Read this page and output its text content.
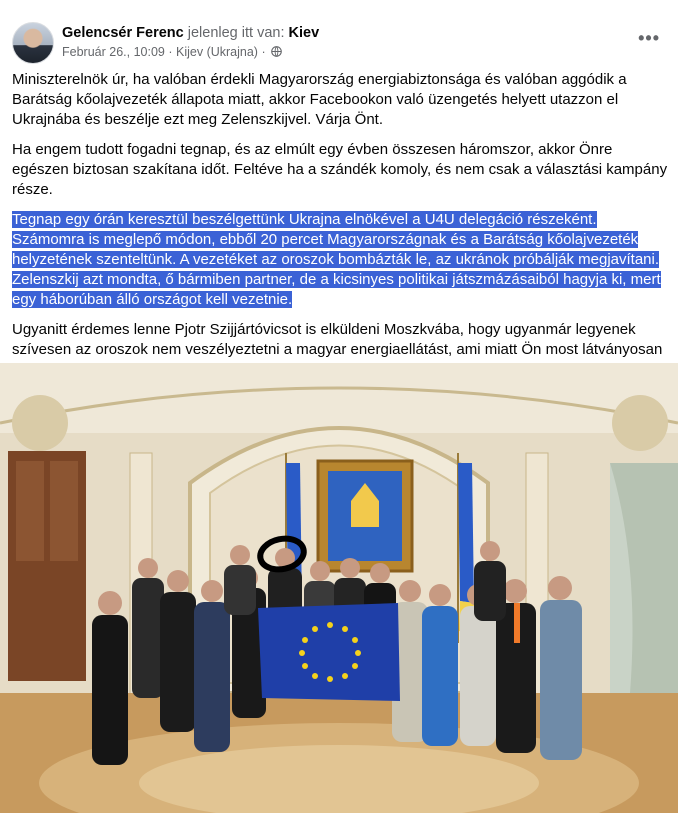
Gelencsér Ferenc jelenleg itt van: Kiev
Február 26., 10:09 · Kijev (Ukrajna) ·
•••

Miniszterelnök úr, ha valóban érdekli Magyarország energiabiztonsága és valóban aggódik a Barátság kőolajvezeték állapota miatt, akkor Facebookon való üzengetés helyett utazzon el Ukrajnába és beszélje ezt meg Zelenszkijvel. Várja Önt.

Ha engem tudott fogadni tegnap, és az elmúlt egy évben összesen háromszor, akkor Önre egészen biztosan szakítana időt. Feltéve ha a szándék komoly, és nem csak a választási kampány része.

Tegnap egy órán keresztül beszélgettünk Ukrajna elnökével a U4U delegáció részeként. Számomra is meglepő módon, ebből 20 percet Magyarországnak és a Barátság kőolajvezeték helyzetének szenteltünk. A vezetéket az oroszok bombázták le, az ukránok próbálják megjavítani. Zelenszkij azt mondta, ő bármiben partner, de a kicsinyes politikai játszmázásaiból hagyja ki, mert egy háborúban álló országot kell vezetnie.

Ugyanitt érdemes lenne Pjotr Szijjártóvicsot is elküldeni Moszkvába, hogy ugyanmár legyenek szívesen az oroszok nem veszélyeztetni a magyar energiaellátást, ami miatt Ön most látványosan
